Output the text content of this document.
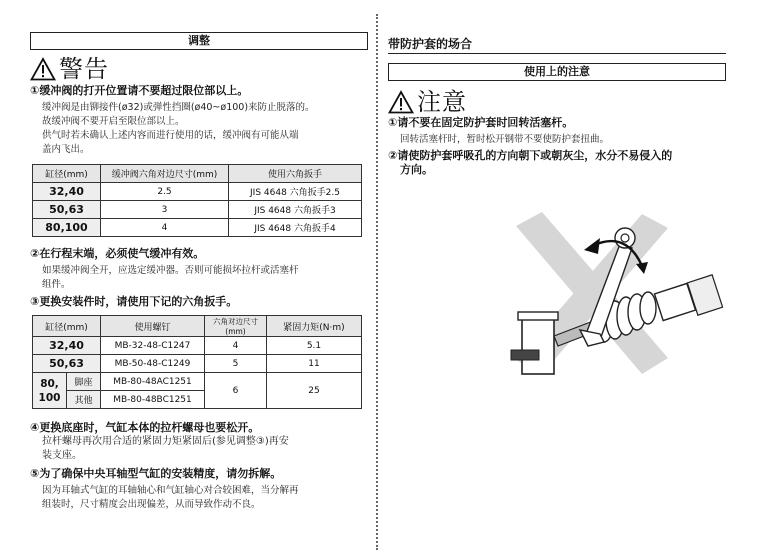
调整
警告
①缓冲阀的打开位置请不要超过限位部以上。
缓冲阀是由铆接件(ø32)或弹性挡圈(ø40~ø100)来防止脱落的。
故缓冲阀不要开启至限位部以上。
供气时若未确认上述内容而进行使用的话，缓冲阀有可能从端
盖内飞出。
缸径(mm)	缓冲阀六角对边尺寸(mm)	使用六角扳手
32,40	2.5	JIS 4648 六角扳手2.5
50,63	3	JIS 4648 六角扳手3
80,100	4	JIS 4648 六角扳手4
②在行程末端，必须使气缓冲有效。
如果缓冲阀全开，应选定缓冲器。否则可能损坏拉杆或活塞杆
组件。
③更换安装件时，请使用下记的六角扳手。
缸径(mm)		使用螺钉	六角对边尺寸(mm)	紧固力矩(N·m)
32,40		MB-32-48-C1247	4	5.1
50,63		MB-50-48-C1249	5	11
80, 100	脚座	MB-80-48AC1251	6	25
	其他	MB-80-48BC1251		
④更换底座时，气缸本体的拉杆螺母也要松开。
拉杆螺母再次用合适的紧固力矩紧固后(参见调整③)再安
装支座。
⑤为了确保中央耳轴型气缸的安装精度，请勿拆解。
因为耳轴式气缸的耳轴轴心和气缸轴心对合较困难，当分解再
组装时，尺寸精度会出现偏差，从而导致作动不良。
带防护套的场合
使用上的注意
注意
①请不要在固定防护套时回转活塞杆。
回转活塞杆时，暂时松开钢带不要使防护套扭曲。
②请使防护套呼吸孔的方向朝下或朝灰尘，水分不易侵入的
方向。
